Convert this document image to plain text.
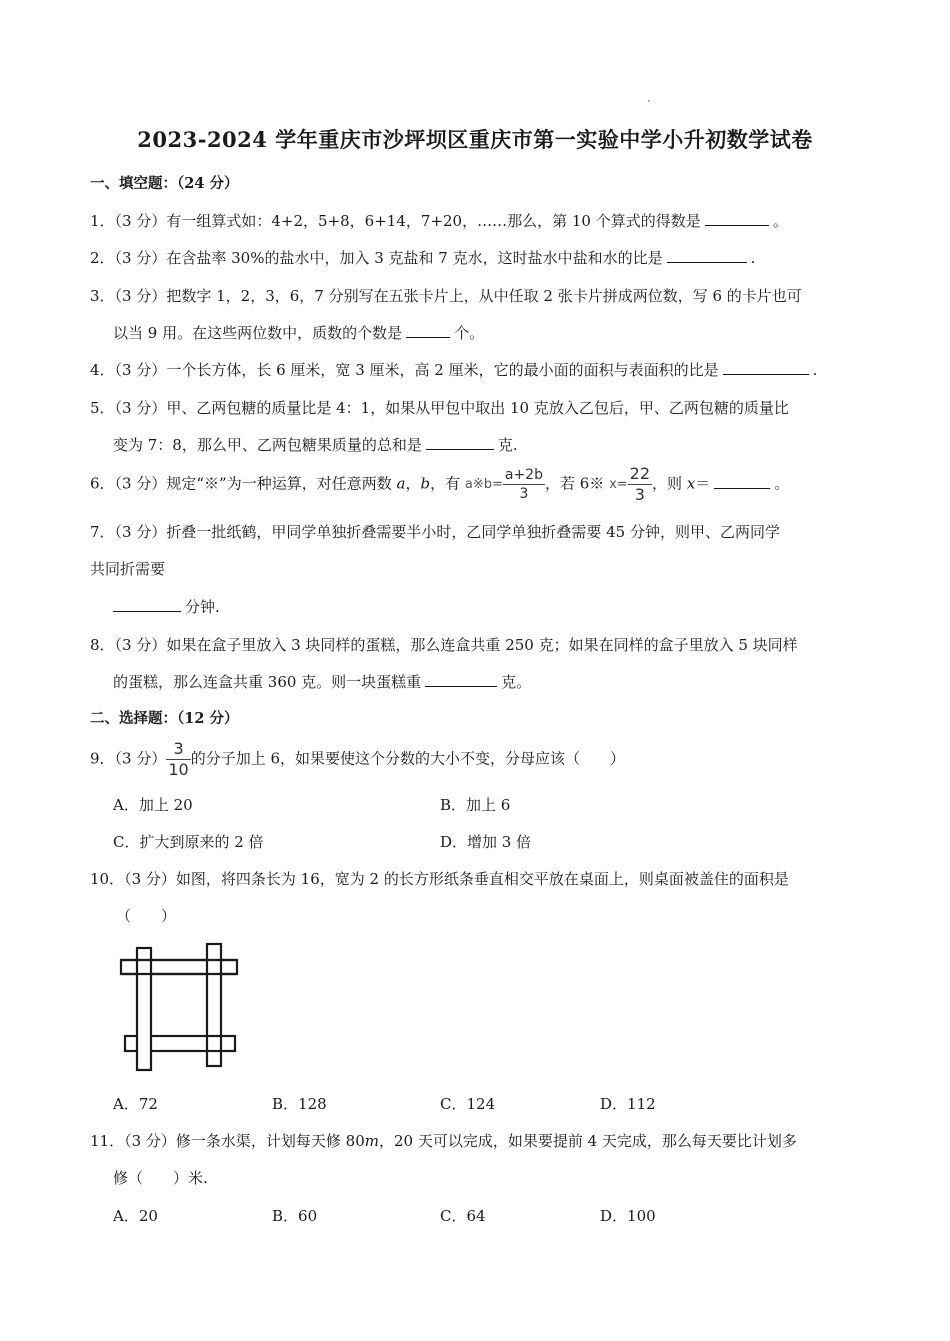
2023-2024 学年重庆市沙坪坝区重庆市第一实验中学小升初数学试卷
一、填空题：（24 分）
1．（3 分）有一组算式如：4+2，5+8，6+14，7+20，……那么，第 10 个算式的得数是	。
2．（3 分）在含盐率 30%的盐水中，加入 3 克盐和 7 克水，这时盐水中盐和水的比是	.
3．（3 分）把数字 1，2，3，6，7 分别写在五张卡片上，从中任取 2 张卡片拼成两位数，写 6 的卡片也可
以当 9 用。在这些两位数中，质数的个数是	个。
4．（3 分）一个长方体，长 6 厘米，宽 3 厘米，高 2 厘米，它的最小面的面积与表面积的比是	.
5．（3 分）甲、乙两包糖的质量比是 4：1，如果从甲包中取出 10 克放入乙包后，甲、乙两包糖的质量比
变为 7：8，那么甲、乙两包糖果质量的总和是	克.
6．（3 分）规定“※”为一种运算，对任意两数 a，b，有 a※b= $\frac{a+2b}{3}$ ，若 6※ $x= \frac{22}{3}$ ，则 x＝	。
7．（3 分）折叠一批纸鹤，甲同学单独折叠需要半小时，乙同学单独折叠需要 45 分钟，则甲、乙两同学
共同折需要
分钟.
8．（3 分）如果在盒子里放入 3 块同样的蛋糕，那么连盒共重 250 克；如果在同样的盒子里放入 5 块同样
的蛋糕，那么连盒共重 360 克。则一块蛋糕重	克。
二、选择题：（12 分）
9．（3 分） $\frac{3}{10}$ 的分子加上 6，如果要使这个分数的大小不变，分母应该（　　）
A．加上 20	B．加上 6
C．扩大到原来的 2 倍	D．增加 3 倍
10．（3 分）如图，将四条长为 16，宽为 2 的长方形纸条垂直相交平放在桌面上，则桌面被盖住的面积是
（　　）
A．72	B．128	C．124	D．112
11．（3 分）修一条水渠，计划每天修 80m，20 天可以完成，如果要提前 4 天完成，那么每天要比计划多
修（　　）米.
A．20	B．60	C．64	D．100
